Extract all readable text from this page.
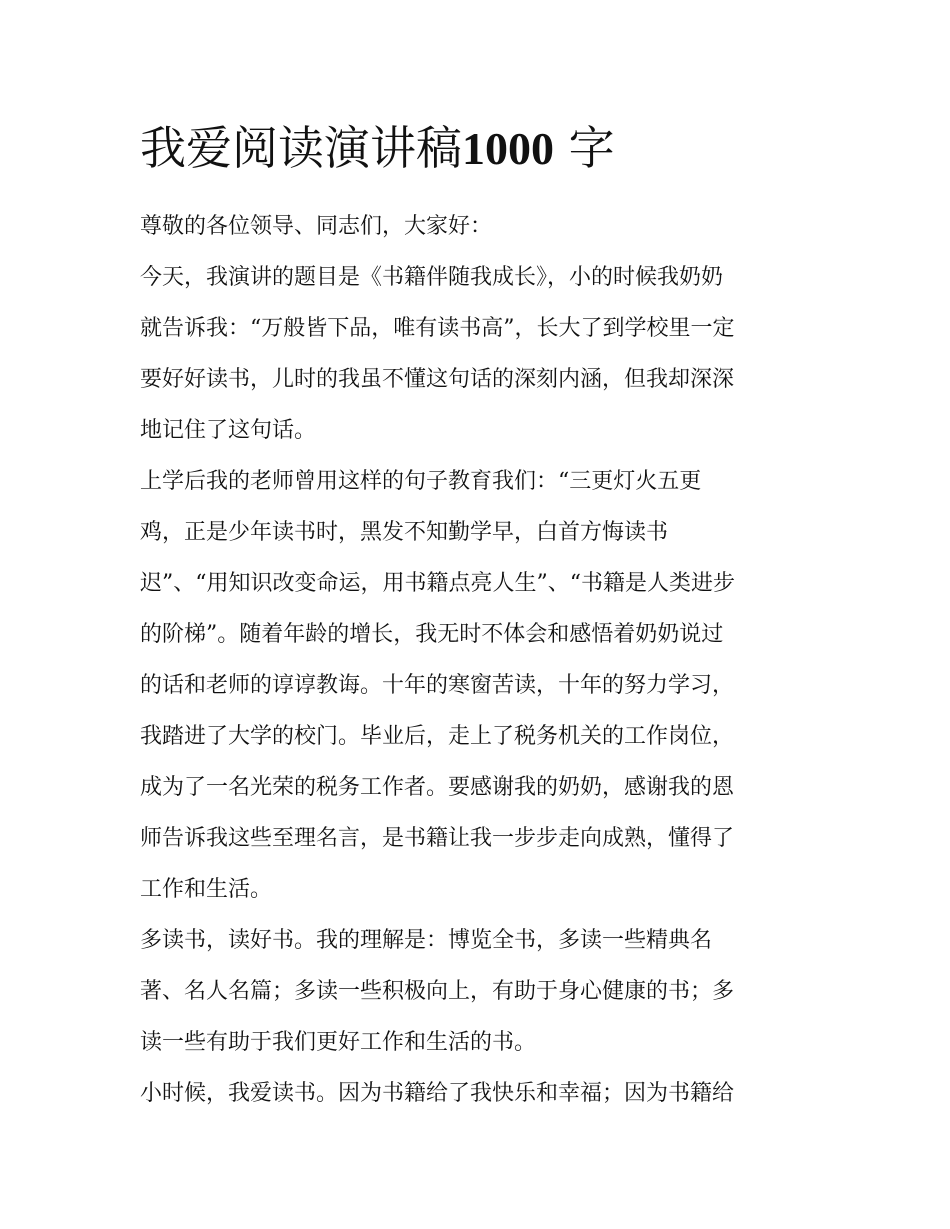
我爱阅读演讲稿1000 字

尊敬的各位领导、同志们，大家好：

今天，我演讲的题目是《书籍伴随我成长》，小的时候我奶奶

就告诉我：“万般皆下品，唯有读书高”，长大了到学校里一定

要好好读书，儿时的我虽不懂这句话的深刻内涵，但我却深深

地记住了这句话。

上学后我的老师曾用这样的句子教育我们：“三更灯火五更

鸡，正是少年读书时，黑发不知勤学早，白首方悔读书

迟”、“用知识改变命运，用书籍点亮人生”、“书籍是人类进步

的阶梯”。随着年龄的增长，我无时不体会和感悟着奶奶说过

的话和老师的谆谆教诲。十年的寒窗苦读，十年的努力学习，

我踏进了大学的校门。毕业后，走上了税务机关的工作岗位，

成为了一名光荣的税务工作者。要感谢我的奶奶，感谢我的恩

师告诉我这些至理名言，是书籍让我一步步走向成熟，懂得了

工作和生活。

多读书，读好书。我的理解是：博览全书，多读一些精典名

著、名人名篇；多读一些积极向上，有助于身心健康的书；多

读一些有助于我们更好工作和生活的书。

小时候，我爱读书。因为书籍给了我快乐和幸福；因为书籍给
